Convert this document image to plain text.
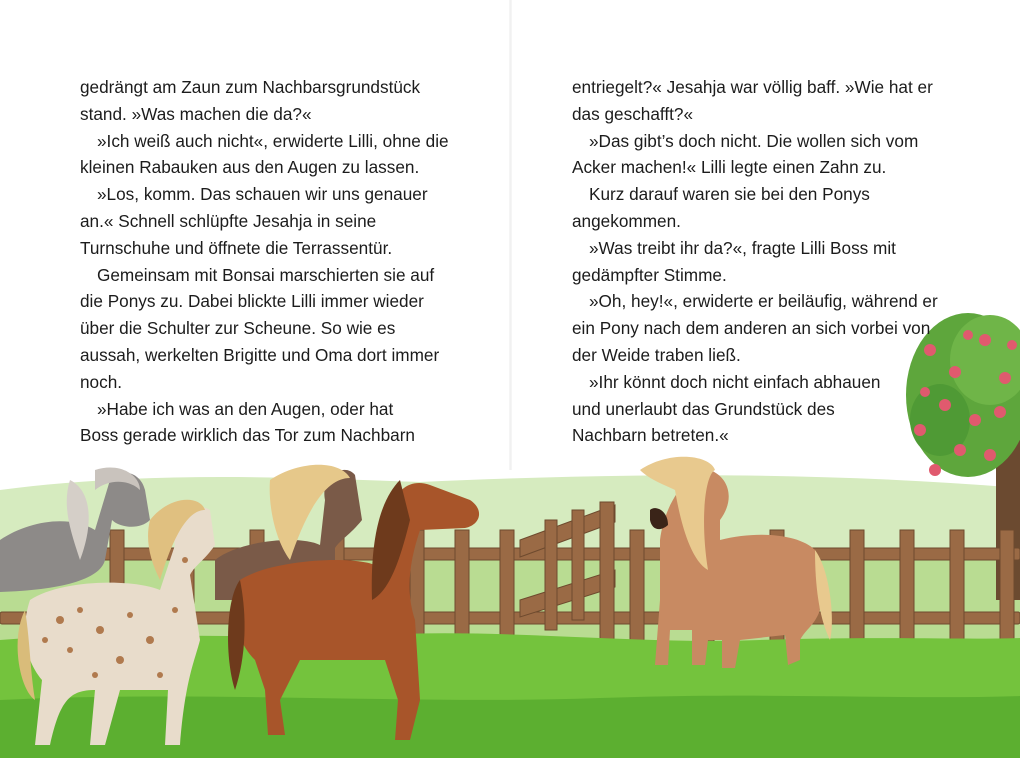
gedrängt am Zaun zum Nachbarsgrundstück
stand. »Was machen die da?«
»Ich weiß auch nicht«, erwiderte Lilli, ohne die
kleinen Rabauken aus den Augen zu lassen.
»Los, komm. Das schauen wir uns genauer
an.« Schnell schlüpfte Jesahja in seine
Turnschuhe und öffnete die Terrassentür.
Gemeinsam mit Bonsai marschierten sie auf
die Ponys zu. Dabei blickte Lilli immer wieder
über die Schulter zur Scheune. So wie es
aussah, werkelten Brigitte und Oma dort immer
noch.
»Habe ich was an den Augen, oder hat
Boss gerade wirklich das Tor zum Nachbarn
entriegelt?« Jesahja war völlig baff. »Wie hat er
das geschafft?«
»Das gibt’s doch nicht. Die wollen sich vom
Acker machen!« Lilli legte einen Zahn zu.
Kurz darauf waren sie bei den Ponys
angekommen.
»Was treibt ihr da?«, fragte Lilli Boss mit
gedämpfter Stimme.
»Oh, hey!«, erwiderte er beiläufig, während er
ein Pony nach dem anderen an sich vorbei von
der Weide traben ließ.
»Ihr könnt doch nicht einfach abhauen
und unerlaubt das Grundstück des
Nachbarn betreten.«
